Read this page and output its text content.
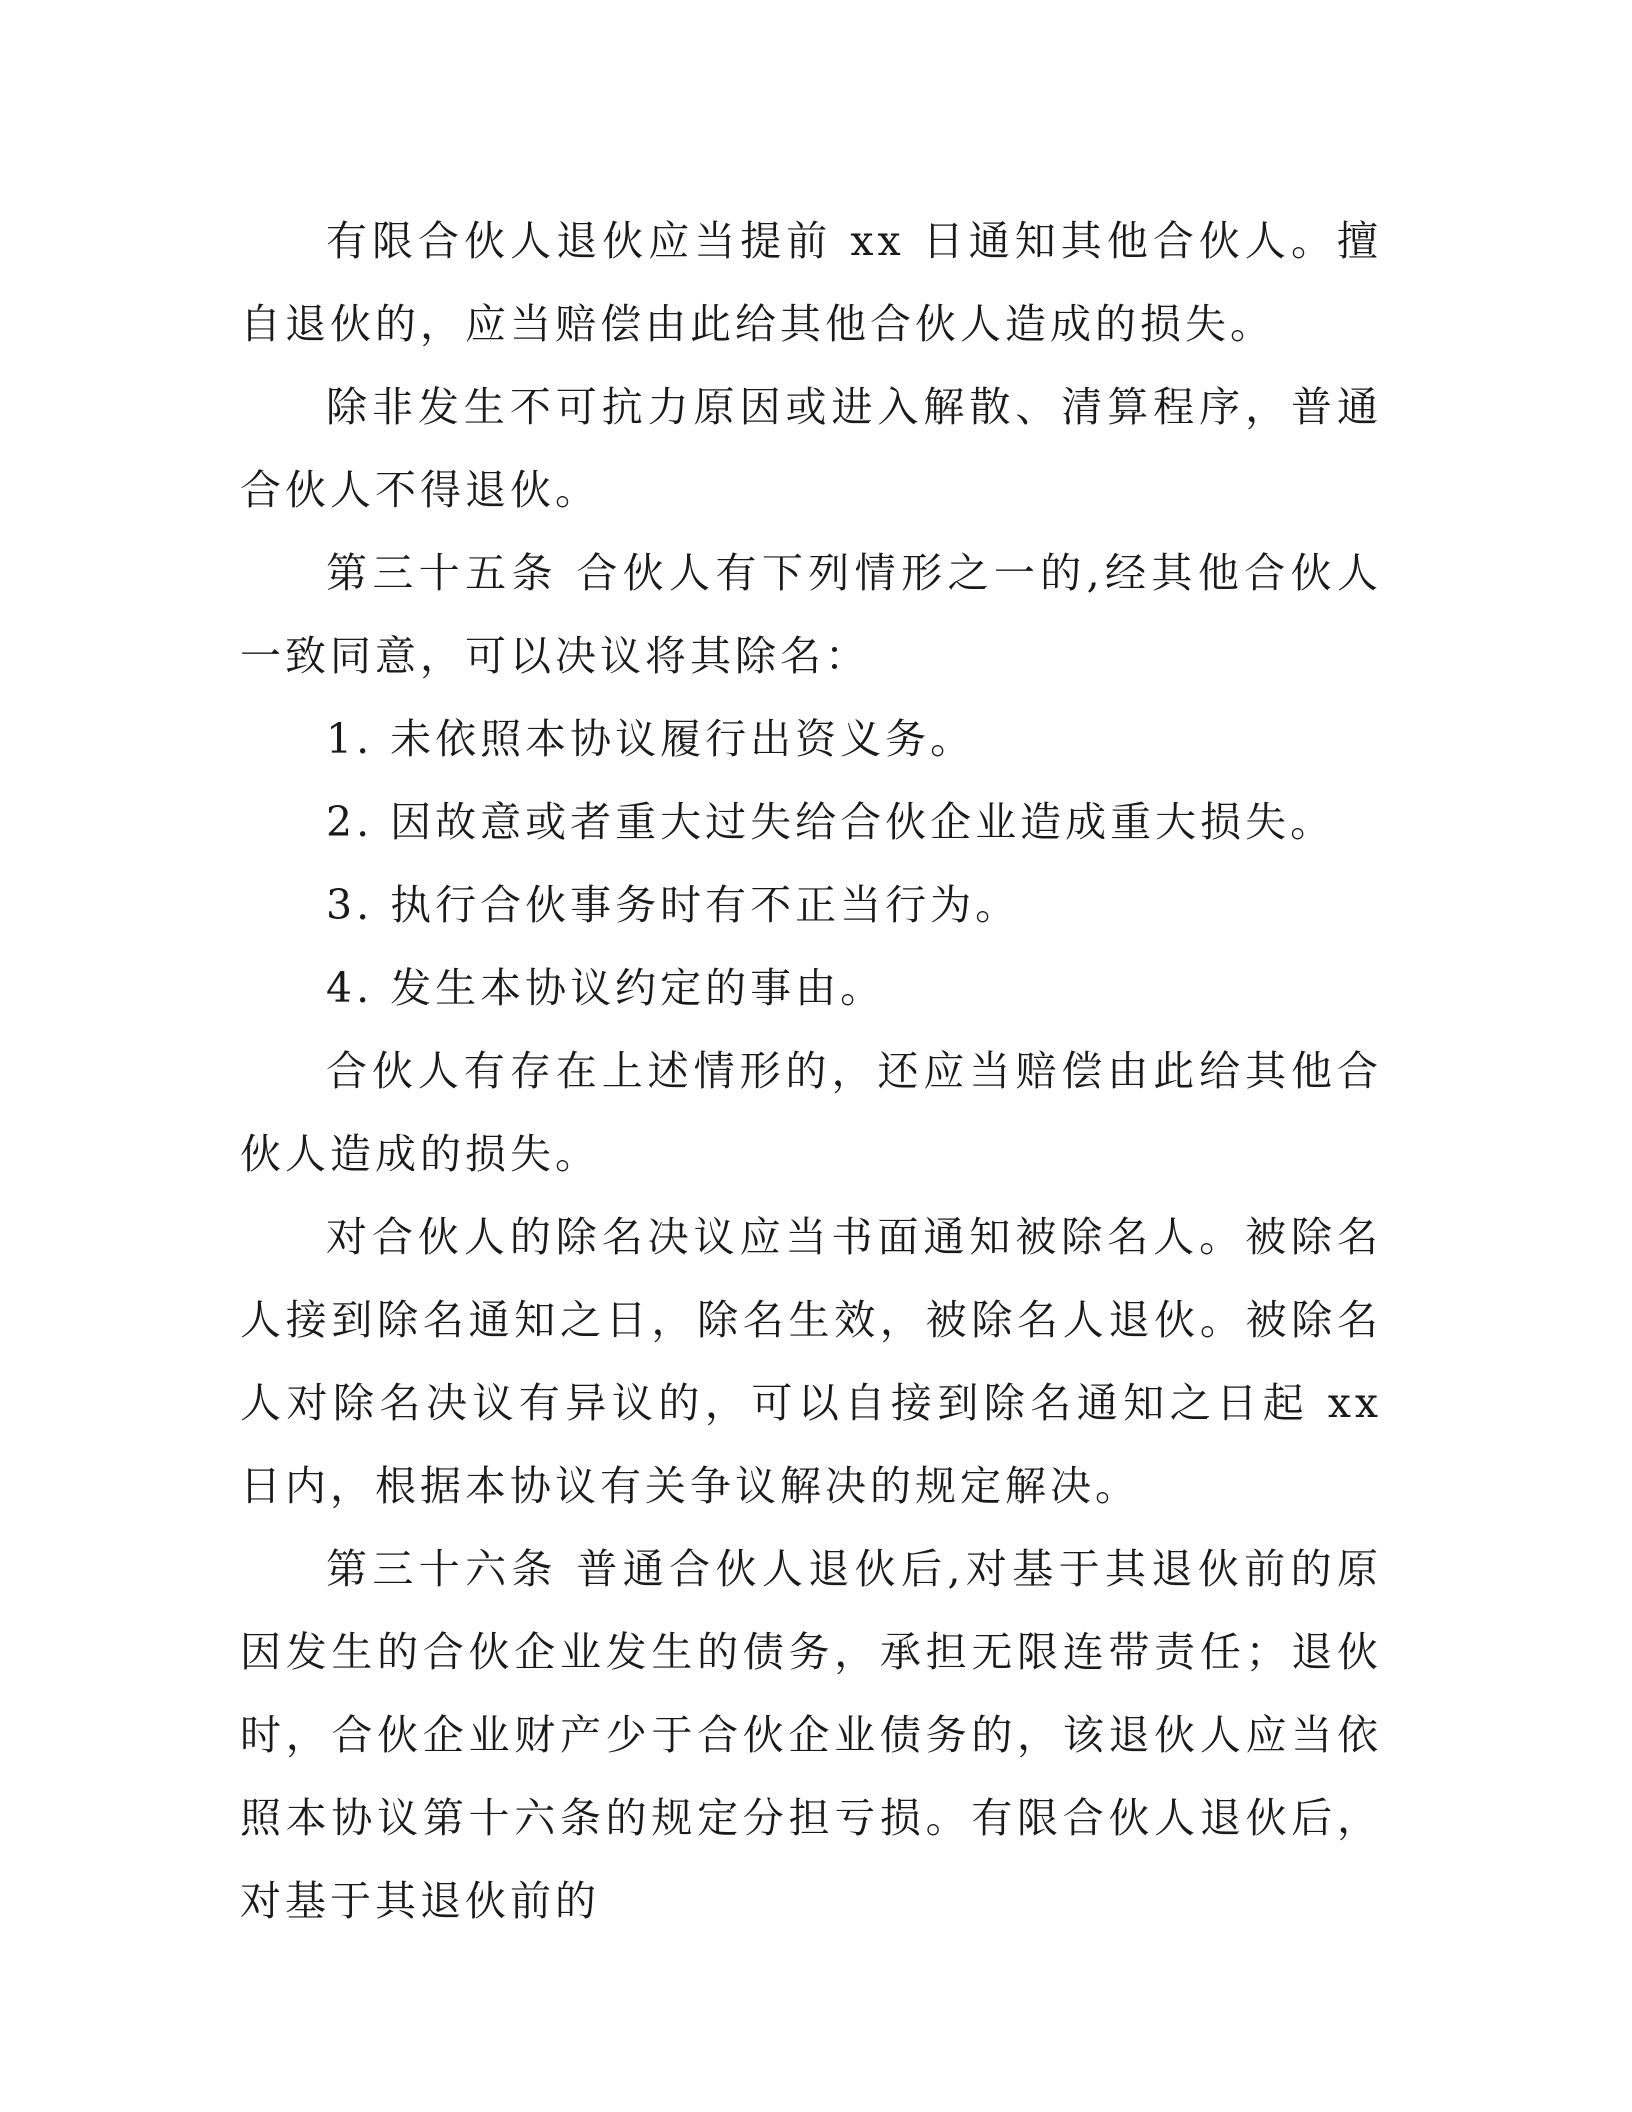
有限合伙人退伙应当提前 xx 日通知其他合伙人。擅自退伙的，应当赔偿由此给其他合伙人造成的损失。

除非发生不可抗力原因或进入解散、清算程序，普通合伙人不得退伙。

第三十五条 合伙人有下列情形之一的,经其他合伙人一致同意，可以决议将其除名：

1. 未依照本协议履行出资义务。

2. 因故意或者重大过失给合伙企业造成重大损失。

3. 执行合伙事务时有不正当行为。

4. 发生本协议约定的事由。

合伙人有存在上述情形的，还应当赔偿由此给其他合伙人造成的损失。

对合伙人的除名决议应当书面通知被除名人。被除名人接到除名通知之日，除名生效，被除名人退伙。被除名人对除名决议有异议的，可以自接到除名通知之日起 xx 日内，根据本协议有关争议解决的规定解决。

第三十六条 普通合伙人退伙后,对基于其退伙前的原因发生的合伙企业发生的债务，承担无限连带责任；退伙时，合伙企业财产少于合伙企业债务的，该退伙人应当依照本协议第十六条的规定分担亏损。有限合伙人退伙后，对基于其退伙前的
